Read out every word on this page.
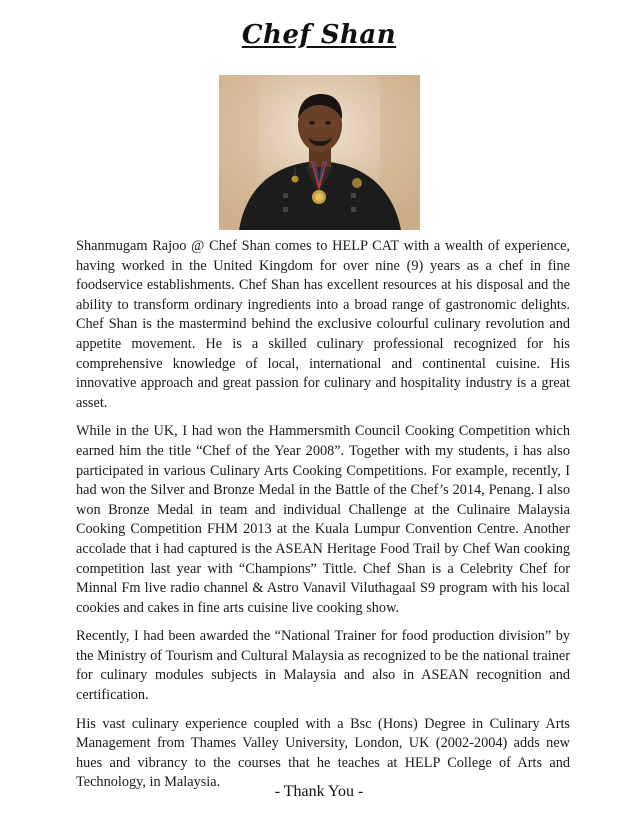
Chef Shan

Shanmugam Rajoo @ Chef Shan comes to HELP CAT with a wealth of experience, having worked in the United Kingdom for over nine (9) years as a chef in fine foodservice establishments. Chef Shan has excellent resources at his disposal and the ability to transform ordinary ingredients into a broad range of gastronomic delights. Chef Shan is the mastermind behind the exclusive colourful culinary revolution and appetite movement. He is a skilled culinary professional recognized for his comprehensive knowledge of local, international and continental cuisine. His innovative approach and great passion for culinary and hospitality industry is a great asset.

While in the UK, I had won the Hammersmith Council Cooking Competition which earned him the title “Chef of the Year 2008”. Together with my students, i has also participated in various Culinary Arts Cooking Competitions. For example, recently, I had won the Silver and Bronze Medal in the Battle of the Chef’s 2014, Penang. I also won Bronze Medal in team and individual Challenge at the Culinaire Malaysia Cooking Competition FHM 2013 at the Kuala Lumpur Convention Centre. Another accolade that i had captured is the ASEAN Heritage Food Trail by Chef Wan cooking competition last year with “Champions” Tittle. Chef Shan is a Celebrity Chef for Minnal Fm live radio channel & Astro Vanavil Viluthagaal S9 program with his local cookies and cakes in fine arts cuisine live cooking show.

Recently, I had been awarded the “National Trainer for food production division” by the Ministry of Tourism and Cultural Malaysia as recognized to be the national trainer for culinary modules subjects in Malaysia and also in ASEAN recognition and certification.

His vast culinary experience coupled with a Bsc (Hons) Degree in Culinary Arts Management from Thames Valley University, London, UK (2002-2004) adds new hues and vibrancy to the courses that he teaches at HELP College of Arts and Technology, in Malaysia.

- Thank You -
